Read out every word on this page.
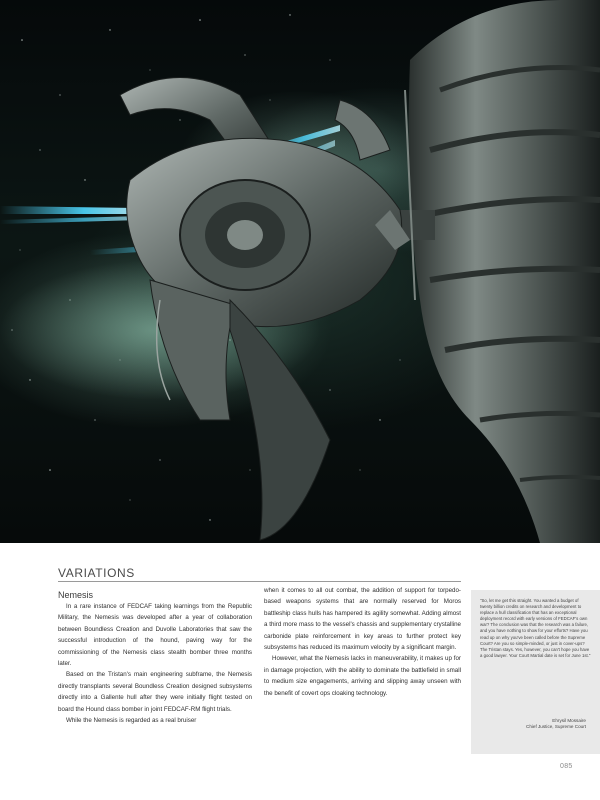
VARIATIONS
Nemesis

In a rare instance of FEDCAF taking learnings from the Republic Military, the Nemesis was developed after a year of collaboration between Boundless Creation and Duvolle Laboratories that saw the successful introduction of the hound, paving way for the commissioning of the Nemesis class stealth bomber three months later.

Based on the Tristan's main engineering subframe, the Nemesis directly transplants several Boundless Creation designed subsystems directly into a Gallente hull after they were initially flight tested on board the Hound class bomber in joint FEDCAF-RM flight trials.

While the Nemesis is regarded as a real bruiser

when it comes to all out combat, the addition of support for torpedo-based weapons systems that are normally reserved for Moros battleship class hulls has hampered its agility somewhat. Adding almost a third more mass to the vessel's chassis and supplementary crystalline carbonide plate reinforcement in key areas to further protect key subsystems has reduced its maximum velocity by a significant margin.

However, what the Nemesis lacks in maneuverability, it makes up for in damage projection, with the ability to dominate the battlefield in small to medium size engagements, arriving and slipping away unseen with the benefit of covert ops cloaking technology.

"So, let me get this straight. You wanted a budget of twenty billion credits on research and development to replace a hull classification that has an exceptional deployment record with early versions of FEDCAF's own war? The conclusion was that the research was a failure, and you have nothing to show for your efforts? Have you read up on why you've been called before the Supreme Court? Are you so simple-minded, or just in cover-ups? The Tristan stays. Yes, however, you can't hope you have a good lawyer. Your Court Martial date is set for June 1st."
Ehrysil Mossaire
Chief Justice, Supreme Court
085
